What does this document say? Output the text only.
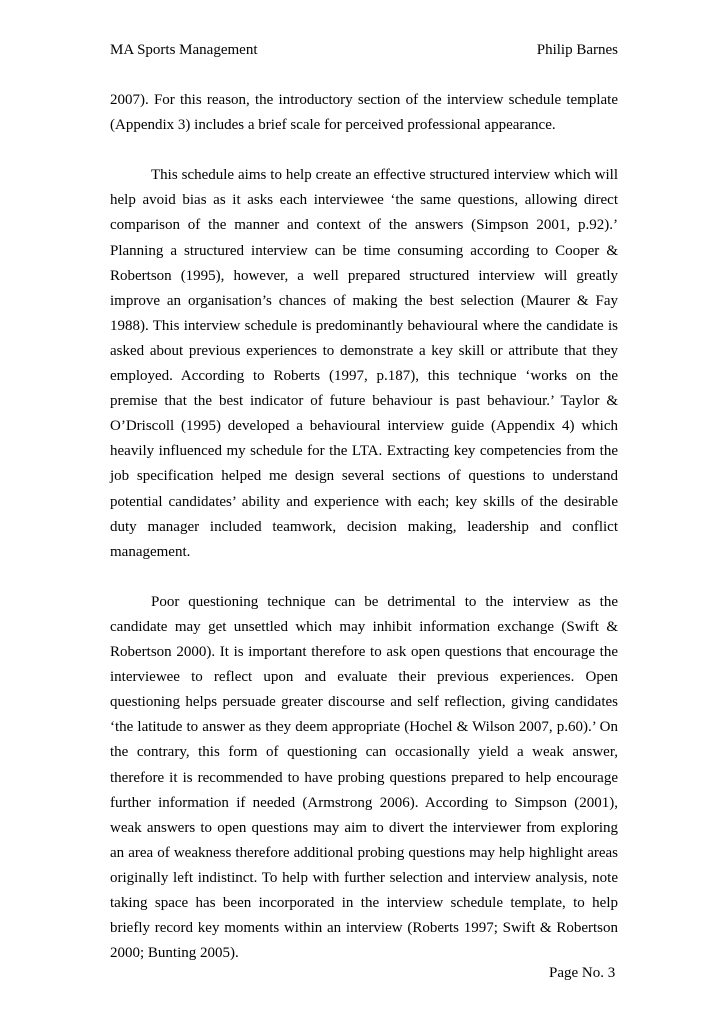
MA Sports Management	Philip Barnes

2007). For this reason, the introductory section of the interview schedule template (Appendix 3) includes a brief scale for perceived professional appearance.

This schedule aims to help create an effective structured interview which will help avoid bias as it asks each interviewee ‘the same questions, allowing direct comparison of the manner and context of the answers (Simpson 2001, p.92).’ Planning a structured interview can be time consuming according to Cooper & Robertson (1995), however, a well prepared structured interview will greatly improve an organisation’s chances of making the best selection (Maurer & Fay 1988). This interview schedule is predominantly behavioural where the candidate is asked about previous experiences to demonstrate a key skill or attribute that they employed. According to Roberts (1997, p.187), this technique ‘works on the premise that the best indicator of future behaviour is past behaviour.’ Taylor & O’Driscoll (1995) developed a behavioural interview guide (Appendix 4) which heavily influenced my schedule for the LTA. Extracting key competencies from the job specification helped me design several sections of questions to understand potential candidates’ ability and experience with each; key skills of the desirable duty manager included teamwork, decision making, leadership and conflict management.

Poor questioning technique can be detrimental to the interview as the candidate may get unsettled which may inhibit information exchange (Swift & Robertson 2000). It is important therefore to ask open questions that encourage the interviewee to reflect upon and evaluate their previous experiences. Open questioning helps persuade greater discourse and self reflection, giving candidates ‘the latitude to answer as they deem appropriate (Hochel & Wilson 2007, p.60).’ On the contrary, this form of questioning can occasionally yield a weak answer, therefore it is recommended to have probing questions prepared to help encourage further information if needed (Armstrong 2006). According to Simpson (2001), weak answers to open questions may aim to divert the interviewer from exploring an area of weakness therefore additional probing questions may help highlight areas originally left indistinct. To help with further selection and interview analysis, note taking space has been incorporated in the interview schedule template, to help briefly record key moments within an interview (Roberts 1997; Swift & Robertson 2000; Bunting 2005).

Page No. 3
